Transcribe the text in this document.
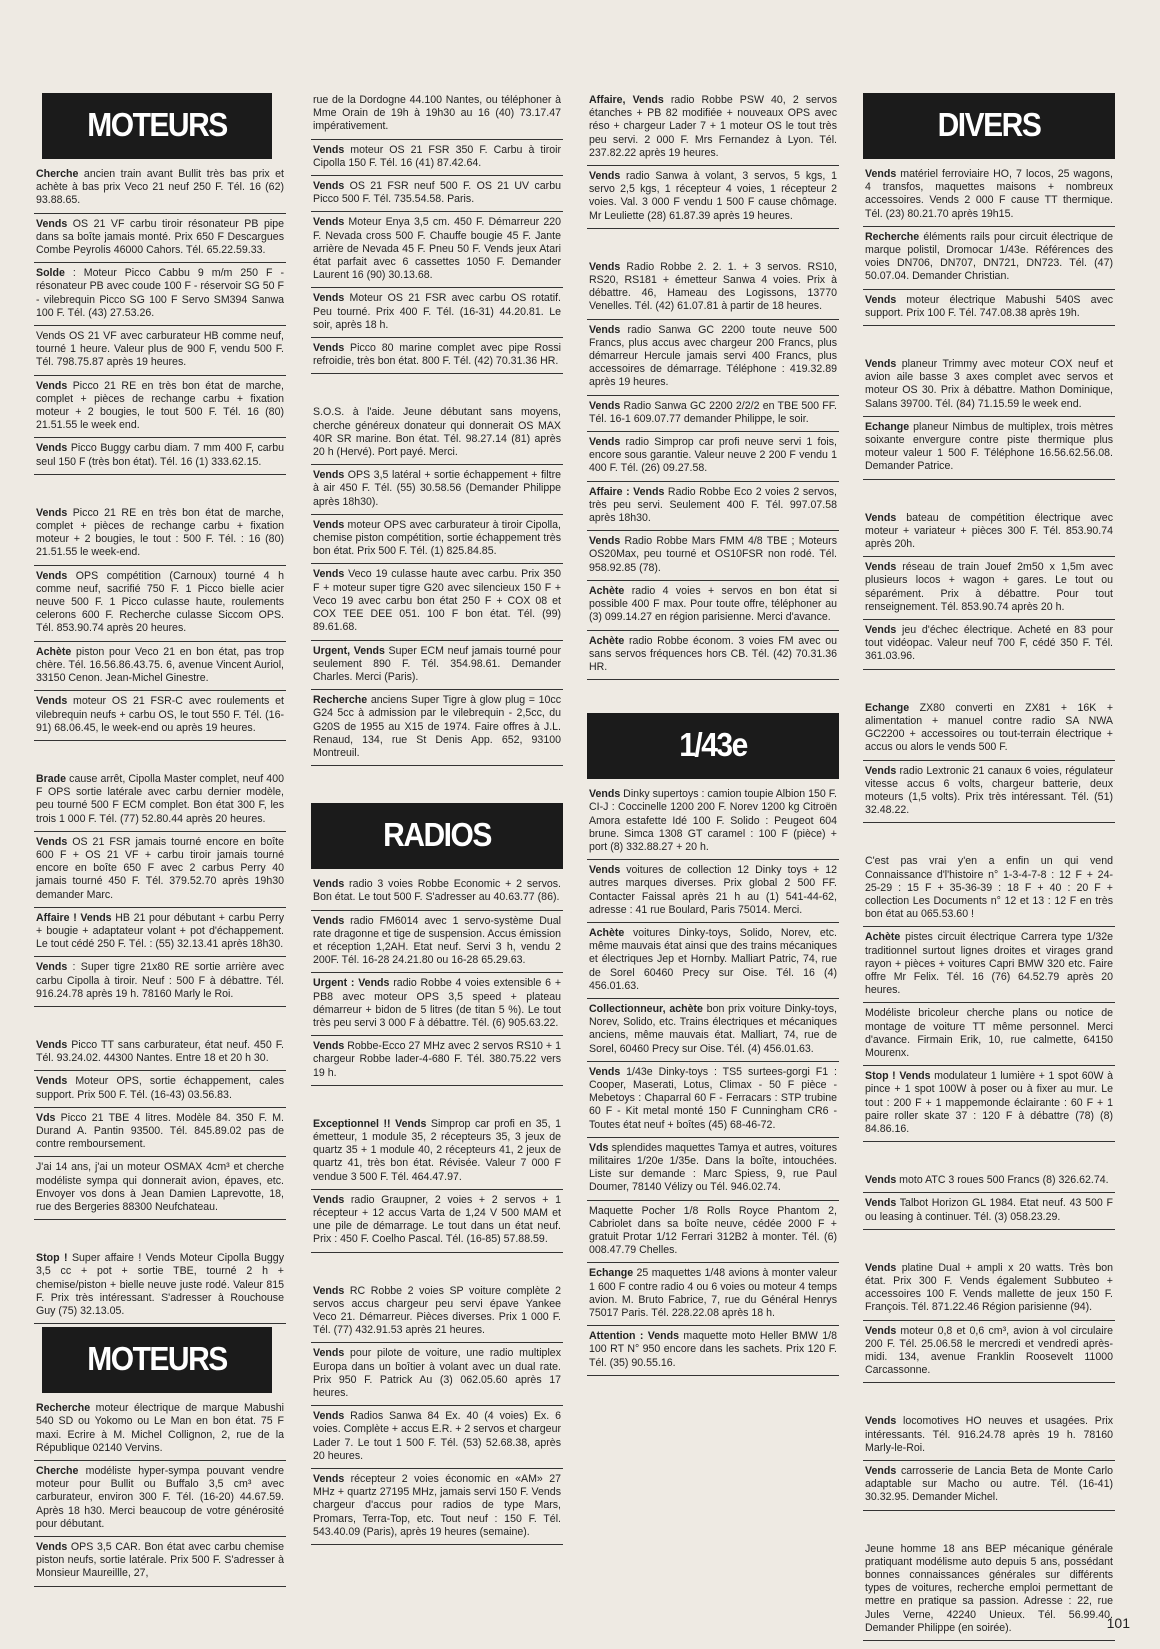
MOTEURS
Cherche ancien train avant Bullit très bas prix et achète à bas prix Veco 21 neuf 250 F. Tél. 16 (62) 93.88.65.
Vends OS 21 VF carbu tiroir résonateur PB pipe dans sa boîte jamais monté. Prix 650 F Descargues Combe Peyrolis 46000 Cahors. Tél. 65.22.59.33.
Solde : Moteur Picco Cabbu 9 m/m 250 F - résonateur PB avec coude 100 F - réservoir SG 50 F - vilebrequin Picco SG 100 F Servo SM394 Sanwa 100 F. Tél. (43) 27.53.26.
Vends OS 21 VF avec carburateur HB comme neuf, tourné 1 heure. Valeur plus de 900 F, vendu 500 F. Tél. 798.75.87 après 19 heures.
Vends Picco 21 RE en très bon état de marche, complet + pièces de rechange carbu + fixation moteur + 2 bougies, le tout 500 F. Tél. 16 (80) 21.51.55 le week end.
Vends Picco Buggy carbu diam. 7 mm 400 F, carbu seul 150 F (très bon état). Tél. 16 (1) 333.62.15.
Vends Picco 21 RE en très bon état de marche, complet + pièces de rechange carbu + fixation moteur + 2 bougies, le tout : 500 F. Tél. : 16 (80) 21.51.55 le week-end.
Vends OPS compétition (Carnoux) tourné 4 h comme neuf, sacrifié 750 F. 1 Picco bielle acier neuve 500 F. 1 Picco culasse haute, roulements celerons 600 F. Recherche culasse Siccom OPS. Tél. 853.90.74 après 20 heures.
Achète piston pour Veco 21 en bon état, pas trop chère. Tél. 16.56.86.43.75. 6, avenue Vincent Auriol, 33150 Cenon. Jean-Michel Ginestre.
Vends moteur OS 21 FSR-C avec roulements et vilebrequin neufs + carbu OS, le tout 550 F. Tél. (16-91) 68.06.45, le week-end ou après 19 heures.
Brade cause arrêt, Cipolla Master complet, neuf 400 F OPS sortie latérale avec carbu dernier modèle, peu tourné 500 F ECM complet. Bon état 300 F, les trois 1 000 F. Tél. (77) 52.80.44 après 20 heures.
Vends OS 21 FSR jamais tourné encore en boîte 600 F + OS 21 VF + carbu tiroir jamais tourné encore en boîte 650 F avec 2 carbus Perry 40 jamais tourné 450 F. Tél. 379.52.70 après 19h30 demander Marc.
Affaire ! Vends HB 21 pour débutant + carbu Perry + bougie + adaptateur volant + pot d'échappement. Le tout cédé 250 F. Tél. : (55) 32.13.41 après 18h30.
Vends : Super tigre 21x80 RE sortie arrière avec carbu Cipolla à tiroir. Neuf : 500 F à débattre. Tél. 916.24.78 après 19 h. 78160 Marly le Roi.
Vends Picco TT sans carburateur, état neuf. 450 F. Tél. 93.24.02. 44300 Nantes. Entre 18 et 20 h 30.
Vends Moteur OPS, sortie échappement, cales support. Prix 500 F. Tél. (16-43) 03.56.83.
Vds Picco 21 TBE 4 litres. Modèle 84. 350 F. M. Durand A. Pantin 93500. Tél. 845.89.02 pas de contre remboursement.
J'ai 14 ans, j'ai un moteur OSMAX 4cm³ et cherche modéliste sympa qui donnerait avion, épaves, etc. Envoyer vos dons à Jean Damien Laprevotte, 18, rue des Bergeries 88300 Neufchateau.
Stop ! Super affaire ! Vends Moteur Cipolla Buggy 3,5 cc + pot + sortie TBE, tourné 2 h + chemise/piston + bielle neuve juste rodé. Valeur 815 F. Prix très intéressant. S'adresser à Rouchouse Guy (75) 32.13.05.
MOTEURS
Recherche moteur électrique de marque Mabushi 540 SD ou Yokomo ou Le Man en bon état. 75 F maxi. Ecrire à M. Michel Collignon, 2, rue de la République 02140 Vervins.
Cherche modéliste hyper-sympa pouvant vendre moteur pour Bullit ou Buffalo 3,5 cm³ avec carburateur, environ 300 F. Tél. (16-20) 44.67.59. Après 18 h30. Merci beaucoup de votre générosité pour débutant.
Vends OPS 3,5 CAR. Bon état avec carbu chemise piston neufs, sortie latérale. Prix 500 F. S'adresser à Monsieur Maureillle, 27,
rue de la Dordogne 44.100 Nantes, ou téléphoner à Mme Orain de 19h à 19h30 au 16 (40) 73.17.47 impérativement.
Vends moteur OS 21 FSR 350 F. Carbu à tiroir Cipolla 150 F. Tél. 16 (41) 87.42.64.
Vends OS 21 FSR neuf 500 F. OS 21 UV carbu Picco 500 F. Tél. 735.54.58. Paris.
Vends Moteur Enya 3,5 cm. 450 F. Démarreur 220 F. Nevada cross 500 F. Chauffe bougie 45 F. Jante arrière de Nevada 45 F. Pneu 50 F. Vends jeux Atari état parfait avec 6 cassettes 1050 F. Demander Laurent 16 (90) 30.13.68.
Vends Moteur OS 21 FSR avec carbu OS rotatif. Peu tourné. Prix 400 F. Tél. (16-31) 44.20.81. Le soir, après 18 h.
Vends Picco 80 marine complet avec pipe Rossi refroidie, très bon état. 800 F. Tél. (42) 70.31.36 HR.
S.O.S. à l'aide. Jeune débutant sans moyens, cherche généreux donateur qui donnerait OS MAX 40R SR marine. Bon état. Tél. 98.27.14 (81) après 20 h (Hervé). Port payé. Merci.
Vends OPS 3,5 latéral + sortie échappement + filtre à air 450 F. Tél. (55) 30.58.56 (Demander Philippe après 18h30).
Vends moteur OPS avec carburateur à tiroir Cipolla, chemise piston compétition, sortie échappement très bon état. Prix 500 F. Tél. (1) 825.84.85.
Vends Veco 19 culasse haute avec carbu. Prix 350 F + moteur super tigre G20 avec silencieux 150 F + Veco 19 avec carbu bon état 250 F + COX 08 et COX TEE DEE 051. 100 F bon état. Tél. (99) 89.61.68.
Urgent, Vends Super ECM neuf jamais tourné pour seulement 890 F. Tél. 354.98.61. Demander Charles. Merci (Paris).
Recherche anciens Super Tigre à glow plug = 10cc G24 5cc à admission par le vilebrequin - 2,5cc, du G20S de 1955 au X15 de 1974. Faire offres à J.L. Renaud, 134, rue St Denis App. 652, 93100 Montreuil.
RADIOS
Vends radio 3 voies Robbe Economic + 2 servos. Bon état. Le tout 500 F. S'adresser au 40.63.77 (86).
Vends radio FM6014 avec 1 servo-système Dual rate dragonne et tige de suspension. Accus émission et réception 1,2AH. Etat neuf. Servi 3 h, vendu 2 200F. Tél. 16-28 24.21.80 ou 16-28 65.29.63.
Urgent : Vends radio Robbe 4 voies extensible 6 + PB8 avec moteur OPS 3,5 speed + plateau démarreur + bidon de 5 litres (de titan 5 %). Le tout très peu servi 3 000 F à débattre. Tél. (6) 905.63.22.
Vends Robbe-Ecco 27 MHz avec 2 servos RS10 + 1 chargeur Robbe lader-4-680 F. Tél. 380.75.22 vers 19 h.
Exceptionnel !! Vends Simprop car profi en 35, 1 émetteur, 1 module 35, 2 récepteurs 35, 3 jeux de quartz 35 + 1 module 40, 2 récepteurs 41, 2 jeux de quartz 41, très bon état. Révisée. Valeur 7 000 F vendue 3 500 F. Tél. 464.47.97.
Vends radio Graupner, 2 voies + 2 servos + 1 récepteur + 12 accus Varta de 1,24 V 500 MAM et une pile de démarrage. Le tout dans un état neuf. Prix : 450 F. Coelho Pascal. Tél. (16-85) 57.88.59.
Vends RC Robbe 2 voies SP voiture complète 2 servos accus chargeur peu servi épave Yankee Veco 21. Démarreur. Pièces diverses. Prix 1 000 F. Tél. (77) 432.91.53 après 21 heures.
Vends pour pilote de voiture, une radio multiplex Europa dans un boîtier à volant avec un dual rate. Prix 950 F. Patrick Au (3) 062.05.60 après 17 heures.
Vends Radios Sanwa 84 Ex. 40 (4 voies) Ex. 6 voies. Complète + accus E.R. + 2 servos et chargeur Lader 7. Le tout 1 500 F. Tél. (53) 52.68.38, après 20 heures.
Vends récepteur 2 voies économic en «AM» 27 MHz + quartz 27195 MHz, jamais servi 150 F. Vends chargeur d'accus pour radios de type Mars, Promars, Terra-Top, etc. Tout neuf : 150 F. Tél. 543.40.09 (Paris), après 19 heures (semaine).
Affaire, Vends radio Robbe PSW 40, 2 servos étanches + PB 82 modifiée + nouveaux OPS avec réso + chargeur Lader 7 + 1 moteur OS le tout très peu servi. 2 000 F. Mrs Fernandez à Lyon. Tél. 237.82.22 après 19 heures.
Vends radio Sanwa à volant, 3 servos, 5 kgs, 1 servo 2,5 kgs, 1 récepteur 4 voies, 1 récepteur 2 voies. Val. 3 000 F vendu 1 500 F cause chômage. Mr Leuliette (28) 61.87.39 après 19 heures.
Vends Radio Robbe 2. 2. 1. + 3 servos. RS10, RS20, RS181 + émetteur Sanwa 4 voies. Prix à débattre. 46, Hameau des Logissons, 13770 Venelles. Tél. (42) 61.07.81 à partir de 18 heures.
Vends radio Sanwa GC 2200 toute neuve 500 Francs, plus accus avec chargeur 200 Francs, plus démarreur Hercule jamais servi 400 Francs, plus accessoires de démarrage. Téléphone : 419.32.89 après 19 heures.
Vends Radio Sanwa GC 2200 2/2/2 en TBE 500 FF. Tél. 16-1 609.07.77 demander Philippe, le soir.
Vends radio Simprop car profi neuve servi 1 fois, encore sous garantie. Valeur neuve 2 200 F vendu 1 400 F. Tél. (26) 09.27.58.
Affaire : Vends Radio Robbe Eco 2 voies 2 servos, très peu servi. Seulement 400 F. Tél. 997.07.58 après 18h30.
Vends Radio Robbe Mars FMM 4/8 TBE ; Moteurs OS20Max, peu tourné et OS10FSR non rodé. Tél. 958.92.85 (78).
Achète radio 4 voies + servos en bon état si possible 400 F max. Pour toute offre, téléphoner au (3) 099.14.27 en région parisienne. Merci d'avance.
Achète radio Robbe économ. 3 voies FM avec ou sans servos fréquences hors CB. Tél. (42) 70.31.36 HR.
1/43e
Vends Dinky supertoys : camion toupie Albion 150 F. CI-J : Coccinelle 1200 200 F. Norev 1200 kg Citroën Amora estafette Idé 100 F. Solido : Peugeot 604 brune. Simca 1308 GT caramel : 100 F (pièce) + port (8) 332.88.27 + 20 h.
Vends voitures de collection 12 Dinky toys + 12 autres marques diverses. Prix global 2 500 FF. Contacter Faissal après 21 h au (1) 541-44-62, adresse : 41 rue Boulard, Paris 75014. Merci.
Achète voitures Dinky-toys, Solido, Norev, etc. même mauvais état ainsi que des trains mécaniques et électriques Jep et Hornby. Malliart Patric, 74, rue de Sorel 60460 Precy sur Oise. Tél. 16 (4) 456.01.63.
Collectionneur, achète bon prix voiture Dinky-toys, Norev, Solido, etc. Trains électriques et mécaniques anciens, même mauvais état. Malliart, 74, rue de Sorel, 60460 Precy sur Oise. Tél. (4) 456.01.63.
Vends 1/43e Dinky-toys : TS5 surtees-gorgi F1 : Cooper, Maserati, Lotus, Climax - 50 F pièce - Mebetoys : Chaparral 60 F - Ferracars : STP trubine 60 F - Kit metal monté 150 F Cunningham CR6 - Toutes état neuf + boîtes (45) 68-46-72.
Vds splendides maquettes Tamya et autres, voitures militaires 1/20e 1/35e. Dans la boîte, intouchées. Liste sur demande : Marc Spiess, 9, rue Paul Doumer, 78140 Vélizy ou Tél. 946.02.74.
Maquette Pocher 1/8 Rolls Royce Phantom 2, Cabriolet dans sa boîte neuve, cédée 2000 F + gratuit Protar 1/12 Ferrari 312B2 à monter. Tél. (6) 008.47.79 Chelles.
Echange 25 maquettes 1/48 avions à monter valeur 1 600 F contre radio 4 ou 6 voies ou moteur 4 temps avion. M. Bruto Fabrice, 7, rue du Général Henrys 75017 Paris. Tél. 228.22.08 après 18 h.
Attention : Vends maquette moto Heller BMW 1/8 100 RT N° 950 encore dans les sachets. Prix 120 F. Tél. (35) 90.55.16.
DIVERS
Vends matériel ferroviaire HO, 7 locos, 25 wagons, 4 transfos, maquettes maisons + nombreux accessoires. Vends 2 000 F cause TT thermique. Tél. (23) 80.21.70 après 19h15.
Recherche éléments rails pour circuit électrique de marque polistil, Dromocar 1/43e. Références des voies DN706, DN707, DN721, DN723. Tél. (47) 50.07.04. Demander Christian.
Vends moteur électrique Mabushi 540S avec support. Prix 100 F. Tél. 747.08.38 après 19h.
Vends planeur Trimmy avec moteur COX neuf et avion aile basse 3 axes complet avec servos et moteur OS 30. Prix à débattre. Mathon Dominique, Salans 39700. Tél. (84) 71.15.59 le week end.
Echange planeur Nimbus de multiplex, trois mètres soixante envergure contre piste thermique plus moteur valeur 1 500 F. Téléphone 16.56.62.56.08. Demander Patrice.
Vends bateau de compétition électrique avec moteur + variateur + pièces 300 F. Tél. 853.90.74 après 20h.
Vends réseau de train Jouef 2m50 x 1,5m avec plusieurs locos + wagon + gares. Le tout ou séparément. Prix à débattre. Pour tout renseignement. Tél. 853.90.74 après 20 h.
Vends jeu d'échec électrique. Acheté en 83 pour tout vidéopac. Valeur neuf 700 F, cédé 350 F. Tél. 361.03.96.
Echange ZX80 converti en ZX81 + 16K + alimentation + manuel contre radio SA NWA GC2200 + accessoires ou tout-terrain électrique + accus ou alors le vends 500 F.
Vends radio Lextronic 21 canaux 6 voies, régulateur vitesse accus 6 volts, chargeur batterie, deux moteurs (1,5 volts). Prix très intéressant. Tél. (51) 32.48.22.
C'est pas vrai y'en a enfin un qui vend Connaissance d'l'histoire n° 1-3-4-7-8 : 12 F + 24-25-29 : 15 F + 35-36-39 : 18 F + 40 : 20 F + collection Les Documents n° 12 et 13 : 12 F en très bon état au 065.53.60 !
Achète pistes circuit électrique Carrera type 1/32e traditionnel surtout lignes droites et virages grand rayon + pièces + voitures Capri BMW 320 etc. Faire offre Mr Felix. Tél. 16 (76) 64.52.79 après 20 heures.
Modéliste bricoleur cherche plans ou notice de montage de voiture TT même personnel. Merci d'avance. Firmain Erik, 10, rue calmette, 64150 Mourenx.
Stop ! Vends modulateur 1 lumière + 1 spot 60W à pince + 1 spot 100W à poser ou à fixer au mur. Le tout : 200 F + 1 mappemonde éclairante : 60 F + 1 paire roller skate 37 : 120 F à débattre (78) (8) 84.86.16.
Vends moto ATC 3 roues 500 Francs (8) 326.62.74.
Vends Talbot Horizon GL 1984. Etat neuf. 43 500 F ou leasing à continuer. Tél. (3) 058.23.29.
Vends platine Dual + ampli x 20 watts. Très bon état. Prix 300 F. Vends également Subbuteo + accessoires 100 F. Vends mallette de jeux 150 F. François. Tél. 871.22.46 Région parisienne (94).
Vends moteur 0,8 et 0,6 cm³, avion à vol circulaire 200 F. Tél. 25.06.58 le mercredi et vendredi après-midi. 134, avenue Franklin Roosevelt 11000 Carcassonne.
Vends locomotives HO neuves et usagées. Prix intéressants. Tél. 916.24.78 après 19 h. 78160 Marly-le-Roi.
Vends carrosserie de Lancia Beta de Monte Carlo adaptable sur Macho ou autre. Tél. (16-41) 30.32.95. Demander Michel.
Jeune homme 18 ans BEP mécanique générale pratiquant modélisme auto depuis 5 ans, possédant bonnes connaissances générales sur différents types de voitures, recherche emploi permettant de mettre en pratique sa passion. Adresse : 22, rue Jules Verne, 42240 Unieux. Tél. 56.99.40. Demander Philippe (en soirée).	101
